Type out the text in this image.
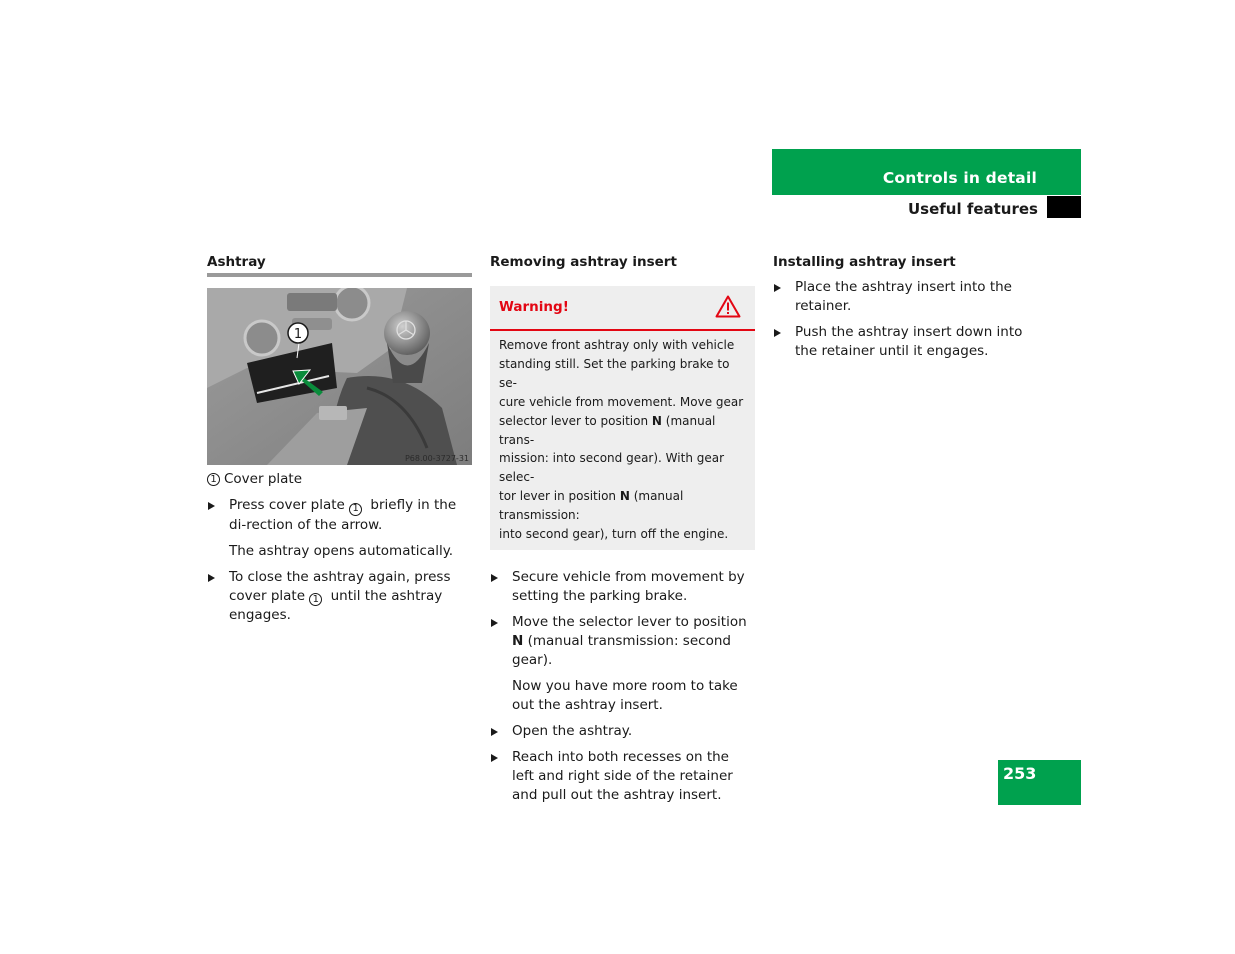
Controls in detail
Useful features
Ashtray
1
P68.00-3727-31
1 Cover plate
Press cover plate 1 briefly in the di-rection of the arrow.
The ashtray opens automatically.
To close the ashtray again, press cover plate 1 until the ashtray engages.
Removing ashtray insert
Warning!
Remove front ashtray only with vehicle
standing still. Set the parking brake to se-
cure vehicle from movement. Move gear
selector lever to position N (manual trans-
mission: into second gear). With gear selec-
tor lever in position N (manual transmission:
into second gear), turn off the engine.
Secure vehicle from movement by setting the parking brake.
Move the selector lever to position N (manual transmission: second gear).
Now you have more room to take out the ashtray insert.
Open the ashtray.
Reach into both recesses on the left and right side of the retainer and pull out the ashtray insert.
Installing ashtray insert
Place the ashtray insert into the retainer.
Push the ashtray insert down into the retainer until it engages.
253
